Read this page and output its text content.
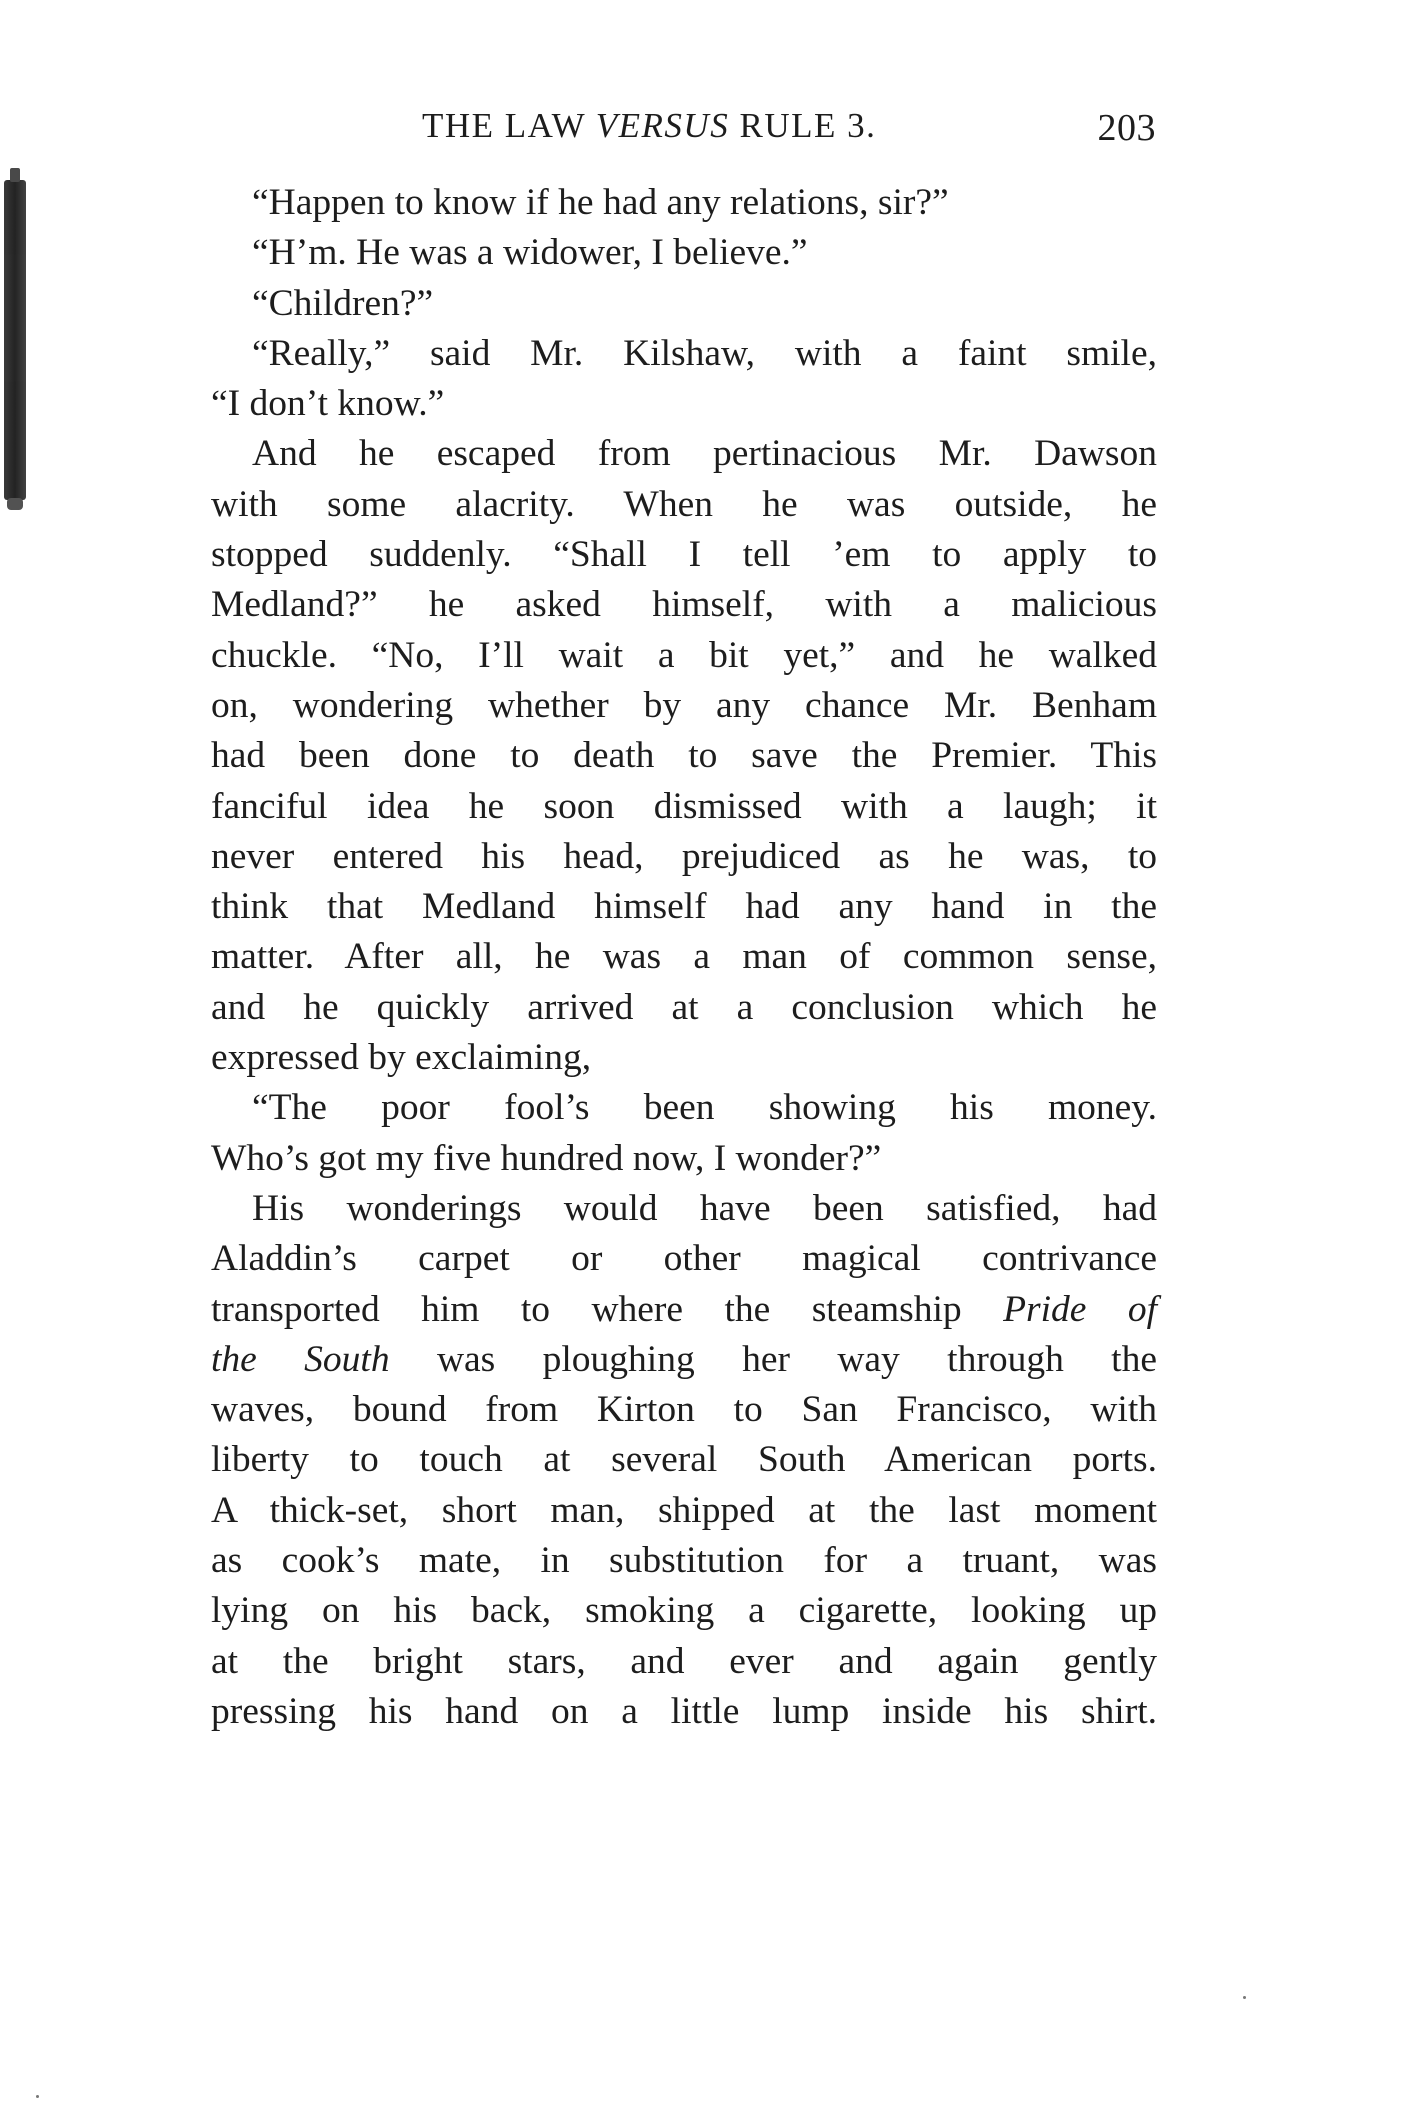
THE LAW VERSUS RULE 3.	203
“Happen to know if he had any relations, sir?”
“H’m. He was a widower, I believe.”
“Children?”
“Really,” said Mr. Kilshaw, with a faint smile,
“I don’t know.”
And he escaped from pertinacious Mr. Dawson
with some alacrity. When he was outside, he
stopped suddenly. “Shall I tell ’em to apply to
Medland?” he asked himself, with a malicious
chuckle. “No, I’ll wait a bit yet,” and he walked
on, wondering whether by any chance Mr. Benham
had been done to death to save the Premier. This
fanciful idea he soon dismissed with a laugh; it
never entered his head, prejudiced as he was, to
think that Medland himself had any hand in the
matter. After all, he was a man of common sense,
and he quickly arrived at a conclusion which he
expressed by exclaiming,
“The poor fool’s been showing his money.
Who’s got my five hundred now, I wonder?”
His wonderings would have been satisfied, had
Aladdin’s carpet or other magical contrivance
transported him to where the steamship Pride of
the South was ploughing her way through the
waves, bound from Kirton to San Francisco, with
liberty to touch at several South American ports.
A thick-set, short man, shipped at the last moment
as cook’s mate, in substitution for a truant, was
lying on his back, smoking a cigarette, looking up
at the bright stars, and ever and again gently
pressing his hand on a little lump inside his shirt.
